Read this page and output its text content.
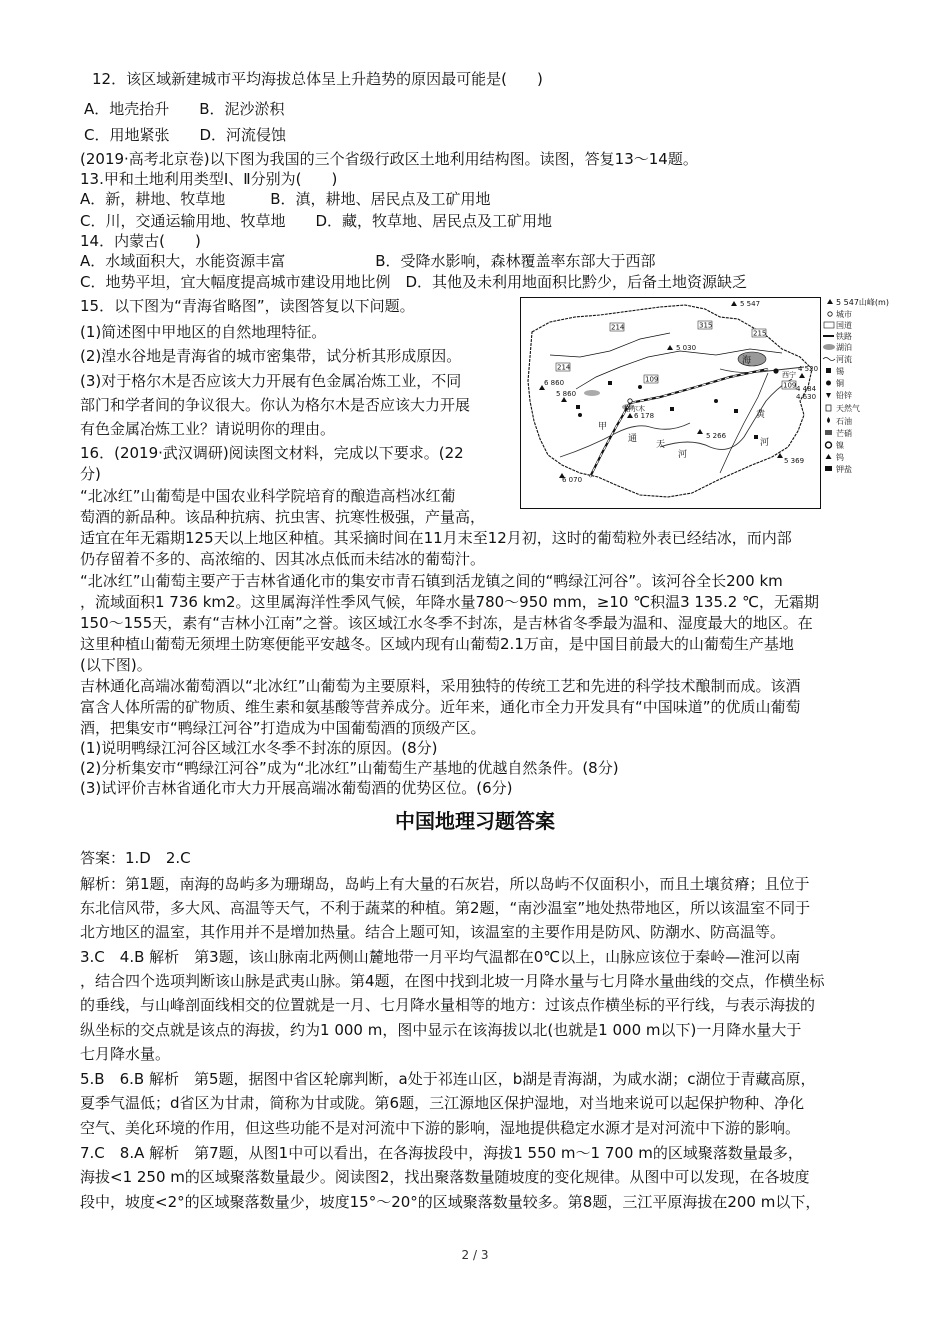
12．该区域新建城市平均海拔总体呈上升趋势的原因最可能是(　　)
A．地壳抬升　　B．泥沙淤积
C．用地紧张　　D．河流侵蚀
(2019·高考北京卷)以下图为我国的三个省级行政区土地利用结构图。读图，答复13～14题。
13.甲和土地利用类型Ⅰ、Ⅱ分别为(　　)
A．新，耕地、牧草地　　　B．滇，耕地、居民点及工矿用地
C．川，交通运输用地、牧草地　　D．藏，牧草地、居民点及工矿用地
14．内蒙古(　　)
A．水域面积大，水能资源丰富　　　　　　B．受降水影响，森林覆盖率东部大于西部
C．地势平坦，宜大幅度提高城市建设用地比例　D．其他及未利用地面积比黔少，后备土地资源缺乏
15．以下图为“青海省略图”，读图答复以下问题。
(1)简述图中甲地区的自然地理特征。
(2)湟水谷地是青海省的城市密集带，试分析其形成原因。
(3)对于格尔木是否应该大力开展有色金属冶炼工业，不同
部门和学者间的争议很大。你认为格尔木是否应该大力开展
有色金属冶炼工业？请说明你的理由。
16．(2019·武汉调研)阅读图文材料，完成以下要求。(22
分)
“北冰红”山葡萄是中国农业科学院培育的酿造高档冰红葡
萄酒的新品种。该品种抗病、抗虫害、抗寒性极强，产量高，
适宜在年无霜期125天以上地区种植。其采摘时间在11月末至12月初，这时的葡萄粒外表已经结冰，而内部
仍存留着不多的、高浓缩的、因其冰点低而未结冰的葡萄汁。
“北冰红”山葡萄主要产于吉林省通化市的集安市青石镇到活龙镇之间的“鸭绿江河谷”。该河谷全长200 km
，流域面积1 736 km2。这里属海洋性季风气候，年降水量780～950 mm，≥10 ℃积温3 135.2 ℃，无霜期
150～155天，素有“吉林小江南”之誉。该区域江水冬季不封冻，是吉林省冬季最为温和、湿度最大的地区。在
这里种植山葡萄无须埋土防寒便能平安越冬。区域内现有山葡萄2.1万亩，是中国目前最大的山葡萄生产基地
(以下图)。
吉林通化高端冰葡萄酒以“北冰红”山葡萄为主要原料，采用独特的传统工艺和先进的科学技术酿制而成。该酒
富含人体所需的矿物质、维生素和氨基酸等营养成分。近年来，通化市全力开发具有“中国味道”的优质山葡萄
酒，把集安市“鸭绿江河谷”打造成为中国葡萄酒的顶级产区。
(1)说明鸭绿江河谷区域江水冬季不封冻的原因。(8分)
(2)分析集安市“鸭绿江河谷”成为“北冰红”山葡萄生产基地的优越自然条件。(8分)
(3)试评价吉林省通化市大力开展高端冰葡萄酒的优势区位。(6分)
中国地理习题答案
答案：1.D　2.C
解析：第1题，南海的岛屿多为珊瑚岛，岛屿上有大量的石灰岩，所以岛屿不仅面积小，而且土壤贫瘠；且位于
东北信风带，多大风、高温等天气，不利于蔬菜的种植。第2题，“南沙温室”地处热带地区，所以该温室不同于
北方地区的温室，其作用并不是增加热量。结合上题可知，该温室的主要作用是防风、防潮水、防高温等。
3.C　4.B 解析　第3题，该山脉南北两侧山麓地带一月平均气温都在0℃以上，山脉应该位于秦岭—淮河以南
，结合四个选项判断该山脉是武夷山脉。第4题，在图中找到北坡一月降水量与七月降水量曲线的交点，作横坐标
的垂线，与山峰剖面线相交的位置就是一月、七月降水量相等的地方：过该点作横坐标的平行线，与表示海拔的
纵坐标的交点就是该点的海拔，约为1 000 m，图中显示在该海拔以北(也就是1 000 m以下)一月降水量大于
七月降水量。
5.B　6.B 解析　第5题，据图中省区轮廓判断，a处于祁连山区，b湖是青海湖，为咸水湖；c湖位于青藏高原，
夏季气温低；d省区为甘肃，简称为甘或陇。第6题，三江源地区保护湿地，对当地来说可以起保护物种、净化
空气、美化环境的作用，但这些功能不是对河流中下游的影响，湿地提供稳定水源才是对河流中下游的影响。
7.C　8.A 解析　第7题，从图1中可以看出，在各海拔段中，海拔1 550 m～1 700 m的区域聚落数量最多，
海拔<1 250 m的区域聚落数量最少。阅读图2，找出聚落数量随坡度的变化规律。从图中可以发现，在各坡度
段中，坡度<2°的区域聚落数量少，坡度15°～20°的区域聚落数量较多。第8题，三江平原海拔在200 m以下，
2 / 3
214	315
214
215
109
109
格尔木
西宁
甲
黄
河
通
天
河
海
5 547
5 030
6 860
6 178
5 860
5 266
5 369
6 070
4 520
4 484
4 630
5 547山峰(m)
城市
国道
铁路
湖泊
河流
锡
铜
铅锌
天然气
石油
芒硝
镍
钨
钾盐
